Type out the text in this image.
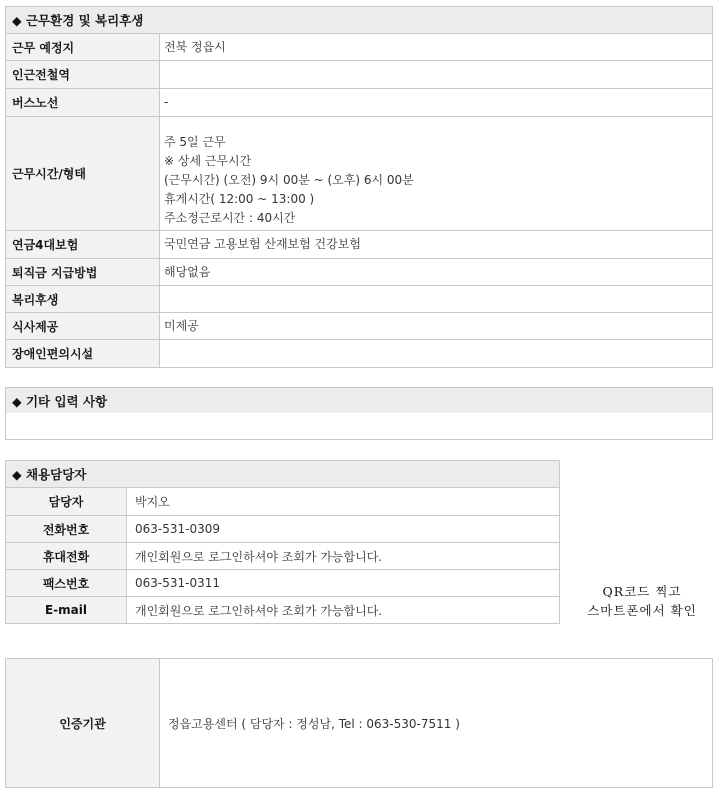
◆ 근무환경 및 복리후생
근무 예정지	전북 정읍시

인근전철역	

버스노선	-

근무시간/형태	주 5일 근무
※ 상세 근무시간
(근무시간) (오전) 9시 00분 ~ (오후) 6시 00분
휴게시간( 12:00 ~ 13:00 )
주소정근로시간 : 40시간

연금4대보험	국민연금 고용보험 산재보험 건강보험

퇴직금 지급방법	해당없음

복리후생	

식사제공	미제공

장애인편의시설	
◆ 기타 입력 사항
◆ 채용담당자
담당자	박지오
전화번호	063-531-0309
휴대전화	개인회원으로 로그인하셔야 조회가 가능합니다.
팩스번호	063-531-0311
E-mail	개인회원으로 로그인하셔야 조회가 가능합니다.
QR코드 찍고
스마트폰에서 확인
인증기관	정읍고용센터 ( 담당자 : 정성남, Tel : 063-530-7511 )
